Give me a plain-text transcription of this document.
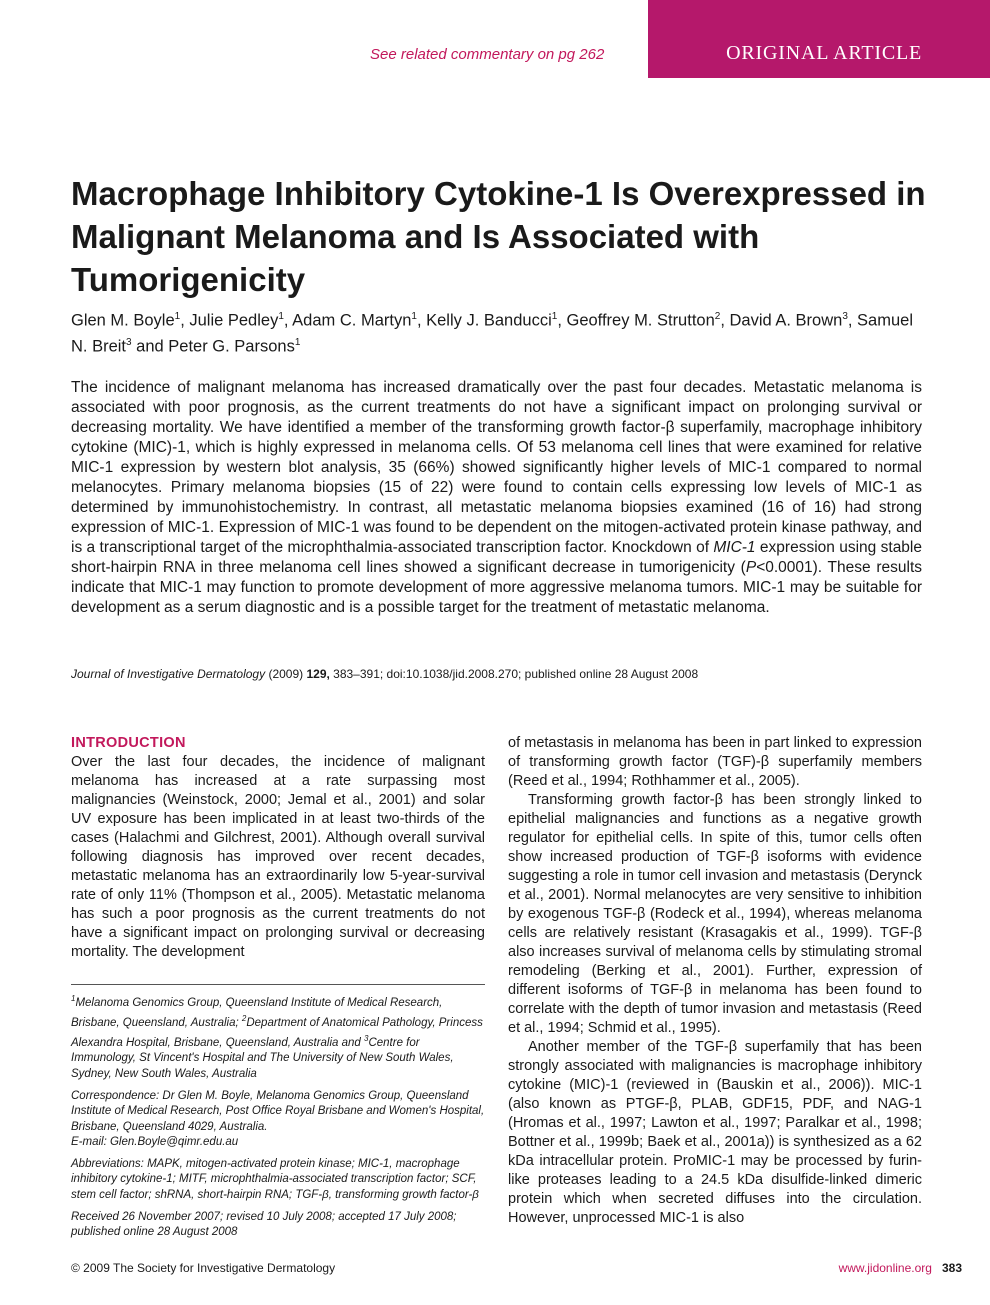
See related commentary on pg 262	ORIGINAL ARTICLE
Macrophage Inhibitory Cytokine-1 Is Overexpressed in Malignant Melanoma and Is Associated with Tumorigenicity
Glen M. Boyle$^1$, Julie Pedley$^1$, Adam C. Martyn$^1$, Kelly J. Banducci$^1$, Geoffrey M. Strutton$^2$, David A. Brown$^3$, Samuel N. Breit$^3$ and Peter G. Parsons$^1$
The incidence of malignant melanoma has increased dramatically over the past four decades. Metastatic melanoma is associated with poor prognosis, as the current treatments do not have a significant impact on prolonging survival or decreasing mortality. We have identified a member of the transforming growth factor-β superfamily, macrophage inhibitory cytokine (MIC)-1, which is highly expressed in melanoma cells. Of 53 melanoma cell lines that were examined for relative MIC-1 expression by western blot analysis, 35 (66%) showed significantly higher levels of MIC-1 compared to normal melanocytes. Primary melanoma biopsies (15 of 22) were found to contain cells expressing low levels of MIC-1 as determined by immunohistochemistry. In contrast, all metastatic melanoma biopsies examined (16 of 16) had strong expression of MIC-1. Expression of MIC-1 was found to be dependent on the mitogen-activated protein kinase pathway, and is a transcriptional target of the microphthalmia-associated transcription factor. Knockdown of MIC-1 expression using stable short-hairpin RNA in three melanoma cell lines showed a significant decrease in tumorigenicity (P<0.0001). These results indicate that MIC-1 may function to promote development of more aggressive melanoma tumors. MIC-1 may be suitable for development as a serum diagnostic and is a possible target for the treatment of metastatic melanoma.
Journal of Investigative Dermatology (2009) 129, 383–391; doi:10.1038/jid.2008.270; published online 28 August 2008
INTRODUCTION

Over the last four decades, the incidence of malignant melanoma has increased at a rate surpassing most malignancies (Weinstock, 2000; Jemal et al., 2001) and solar UV exposure has been implicated in at least two-thirds of the cases (Halachmi and Gilchrest, 2001). Although overall survival following diagnosis has improved over recent decades, metastatic melanoma has an extraordinarily low 5-year-survival rate of only 11% (Thompson et al., 2005). Metastatic melanoma has such a poor prognosis as the current treatments do not have a significant impact on prolonging survival or decreasing mortality. The development

$^1$Melanoma Genomics Group, Queensland Institute of Medical Research, Brisbane, Queensland, Australia; $^2$Department of Anatomical Pathology, Princess Alexandra Hospital, Brisbane, Queensland, Australia and $^3$Centre for Immunology, St Vincent's Hospital and The University of New South Wales, Sydney, New South Wales, Australia

Correspondence: Dr Glen M. Boyle, Melanoma Genomics Group, Queensland Institute of Medical Research, Post Office Royal Brisbane and Women's Hospital, Brisbane, Queensland 4029, Australia.
E-mail: Glen.Boyle@qimr.edu.au

Abbreviations: MAPK, mitogen-activated protein kinase; MIC-1, macrophage inhibitory cytokine-1; MITF, microphthalmia-associated transcription factor; SCF, stem cell factor; shRNA, short-hairpin RNA; TGF-β, transforming growth factor-β

Received 26 November 2007; revised 10 July 2008; accepted 17 July 2008; published online 28 August 2008

of metastasis in melanoma has been in part linked to expression of transforming growth factor (TGF)-β superfamily members (Reed et al., 1994; Rothhammer et al., 2005).

Transforming growth factor-β has been strongly linked to epithelial malignancies and functions as a negative growth regulator for epithelial cells. In spite of this, tumor cells often show increased production of TGF-β isoforms with evidence suggesting a role in tumor cell invasion and metastasis (Derynck et al., 2001). Normal melanocytes are very sensitive to inhibition by exogenous TGF-β (Rodeck et al., 1994), whereas melanoma cells are relatively resistant (Krasagakis et al., 1999). TGF-β also increases survival of melanoma cells by stimulating stromal remodeling (Berking et al., 2001). Further, expression of different isoforms of TGF-β in melanoma has been found to correlate with the depth of tumor invasion and metastasis (Reed et al., 1994; Schmid et al., 1995).

Another member of the TGF-β superfamily that has been strongly associated with malignancies is macrophage inhibitory cytokine (MIC)-1 (reviewed in (Bauskin et al., 2006)). MIC-1 (also known as PTGF-β, PLAB, GDF15, PDF, and NAG-1 (Hromas et al., 1997; Lawton et al., 1997; Paralkar et al., 1998; Bottner et al., 1999b; Baek et al., 2001a)) is synthesized as a 62 kDa intracellular protein. ProMIC-1 may be processed by furin-like proteases leading to a 24.5 kDa disulfide-linked dimeric protein which when secreted diffuses into the circulation. However, unprocessed MIC-1 is also

© 2009 The Society for Investigative Dermatology	www.jidonline.org 383
